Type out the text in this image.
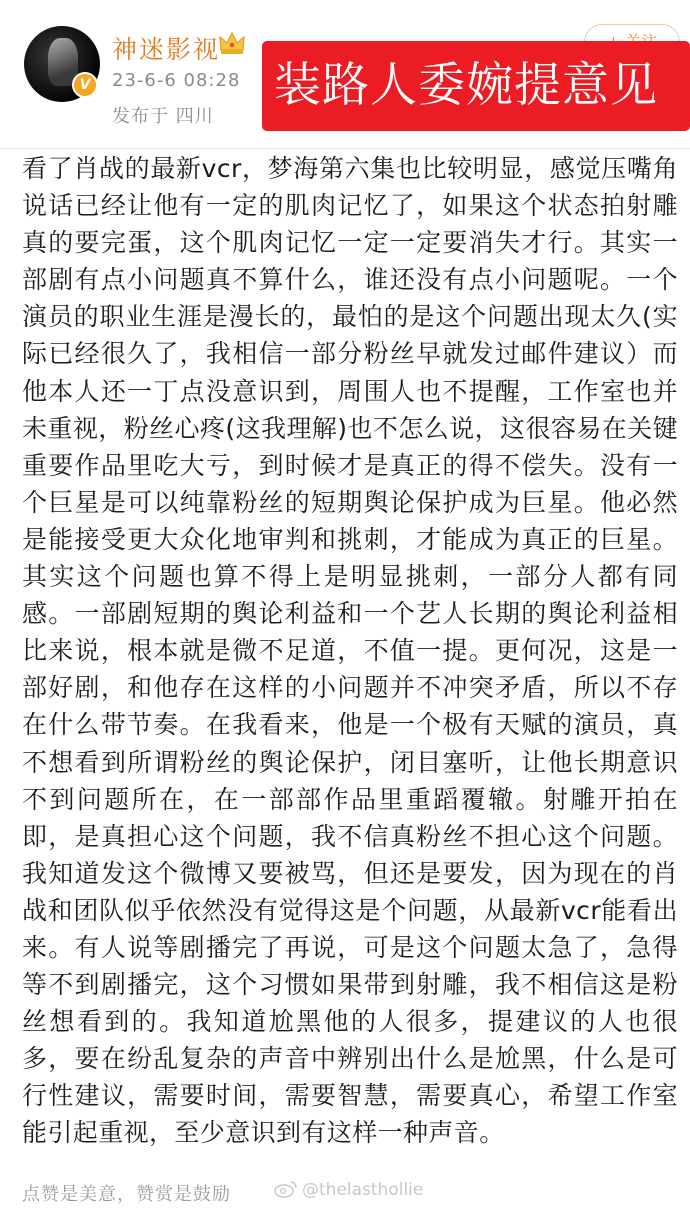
V
神迷影视
23-6-6 08:28
发布于 四川
装路人委婉提意见
看了肖战的最新vcr，梦海第六集也比较明显，感觉压嘴角说话已经让他有一定的肌肉记忆了，如果这个状态拍射雕真的要完蛋，这个肌肉记忆一定一定要消失才行。其实一部剧有点小问题真不算什么，谁还没有点小问题呢。一个演员的职业生涯是漫长的，最怕的是这个问题出现太久(实际已经很久了，我相信一部分粉丝早就发过邮件建议）而他本人还一丁点没意识到，周围人也不提醒，工作室也并未重视，粉丝心疼(这我理解)也不怎么说，这很容易在关键重要作品里吃大亏，到时候才是真正的得不偿失。没有一个巨星是可以纯靠粉丝的短期舆论保护成为巨星。他必然是能接受更大众化地审判和挑刺，才能成为真正的巨星。其实这个问题也算不得上是明显挑刺，一部分人都有同感。一部剧短期的舆论利益和一个艺人长期的舆论利益相比来说，根本就是微不足道，不值一提。更何况，这是一部好剧，和他存在这样的小问题并不冲突矛盾，所以不存在什么带节奏。在我看来，他是一个极有天赋的演员，真不想看到所谓粉丝的舆论保护，闭目塞听，让他长期意识不到问题所在，在一部部作品里重蹈覆辙。射雕开拍在即，是真担心这个问题，我不信真粉丝不担心这个问题。我知道发这个微博又要被骂，但还是要发，因为现在的肖战和团队似乎依然没有觉得这是个问题，从最新vcr能看出来。有人说等剧播完了再说，可是这个问题太急了，急得等不到剧播完，这个习惯如果带到射雕，我不相信这是粉丝想看到的。我知道尬黑他的人很多，提建议的人也很多，要在纷乱复杂的声音中辨别出什么是尬黑，什么是可行性建议，需要时间，需要智慧，需要真心，希望工作室能引起重视，至少意识到有这样一种声音。
点赞是美意，赞赏是鼓励	@thelasthollie
